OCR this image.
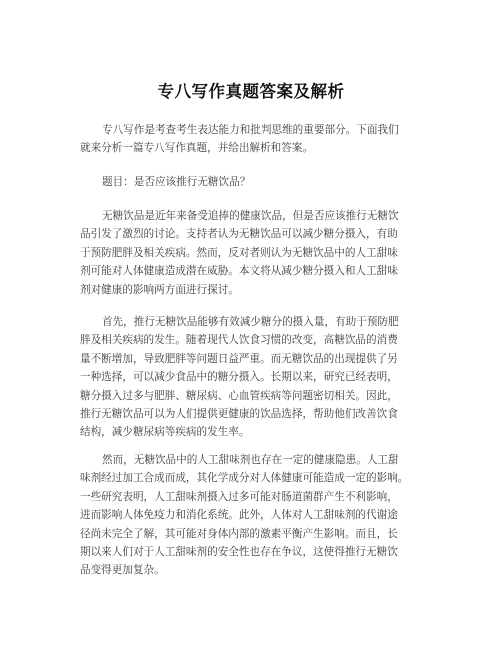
专八写作真题答案及解析
专八写作是考查考生表达能力和批判思维的重要部分。下面我们
就来分析一篇专八写作真题，并给出解析和答案。
题目：是否应该推行无糖饮品？
无糖饮品是近年来备受追捧的健康饮品，但是否应该推行无糖饮
品引发了激烈的讨论。支持者认为无糖饮品可以减少糖分摄入，有助
于预防肥胖及相关疾病。然而，反对者则认为无糖饮品中的人工甜味
剂可能对人体健康造成潜在威胁。本文将从减少糖分摄入和人工甜味
剂对健康的影响两方面进行探讨。
首先，推行无糖饮品能够有效减少糖分的摄入量，有助于预防肥
胖及相关疾病的发生。随着现代人饮食习惯的改变，高糖饮品的消费
量不断增加，导致肥胖等问题日益严重。而无糖饮品的出现提供了另
一种选择，可以减少食品中的糖分摄入。长期以来，研究已经表明，
糖分摄入过多与肥胖、糖尿病、心血管疾病等问题密切相关。因此，
推行无糖饮品可以为人们提供更健康的饮品选择，帮助他们改善饮食
结构，减少糖尿病等疾病的发生率。
然而，无糖饮品中的人工甜味剂也存在一定的健康隐患。人工甜
味剂经过加工合成而成，其化学成分对人体健康可能造成一定的影响。
一些研究表明，人工甜味剂摄入过多可能对肠道菌群产生不利影响，
进而影响人体免疫力和消化系统。此外，人体对人工甜味剂的代谢途
径尚未完全了解，其可能对身体内部的激素平衡产生影响。而且，长
期以来人们对于人工甜味剂的安全性也存在争议，这使得推行无糖饮
品变得更加复杂。
